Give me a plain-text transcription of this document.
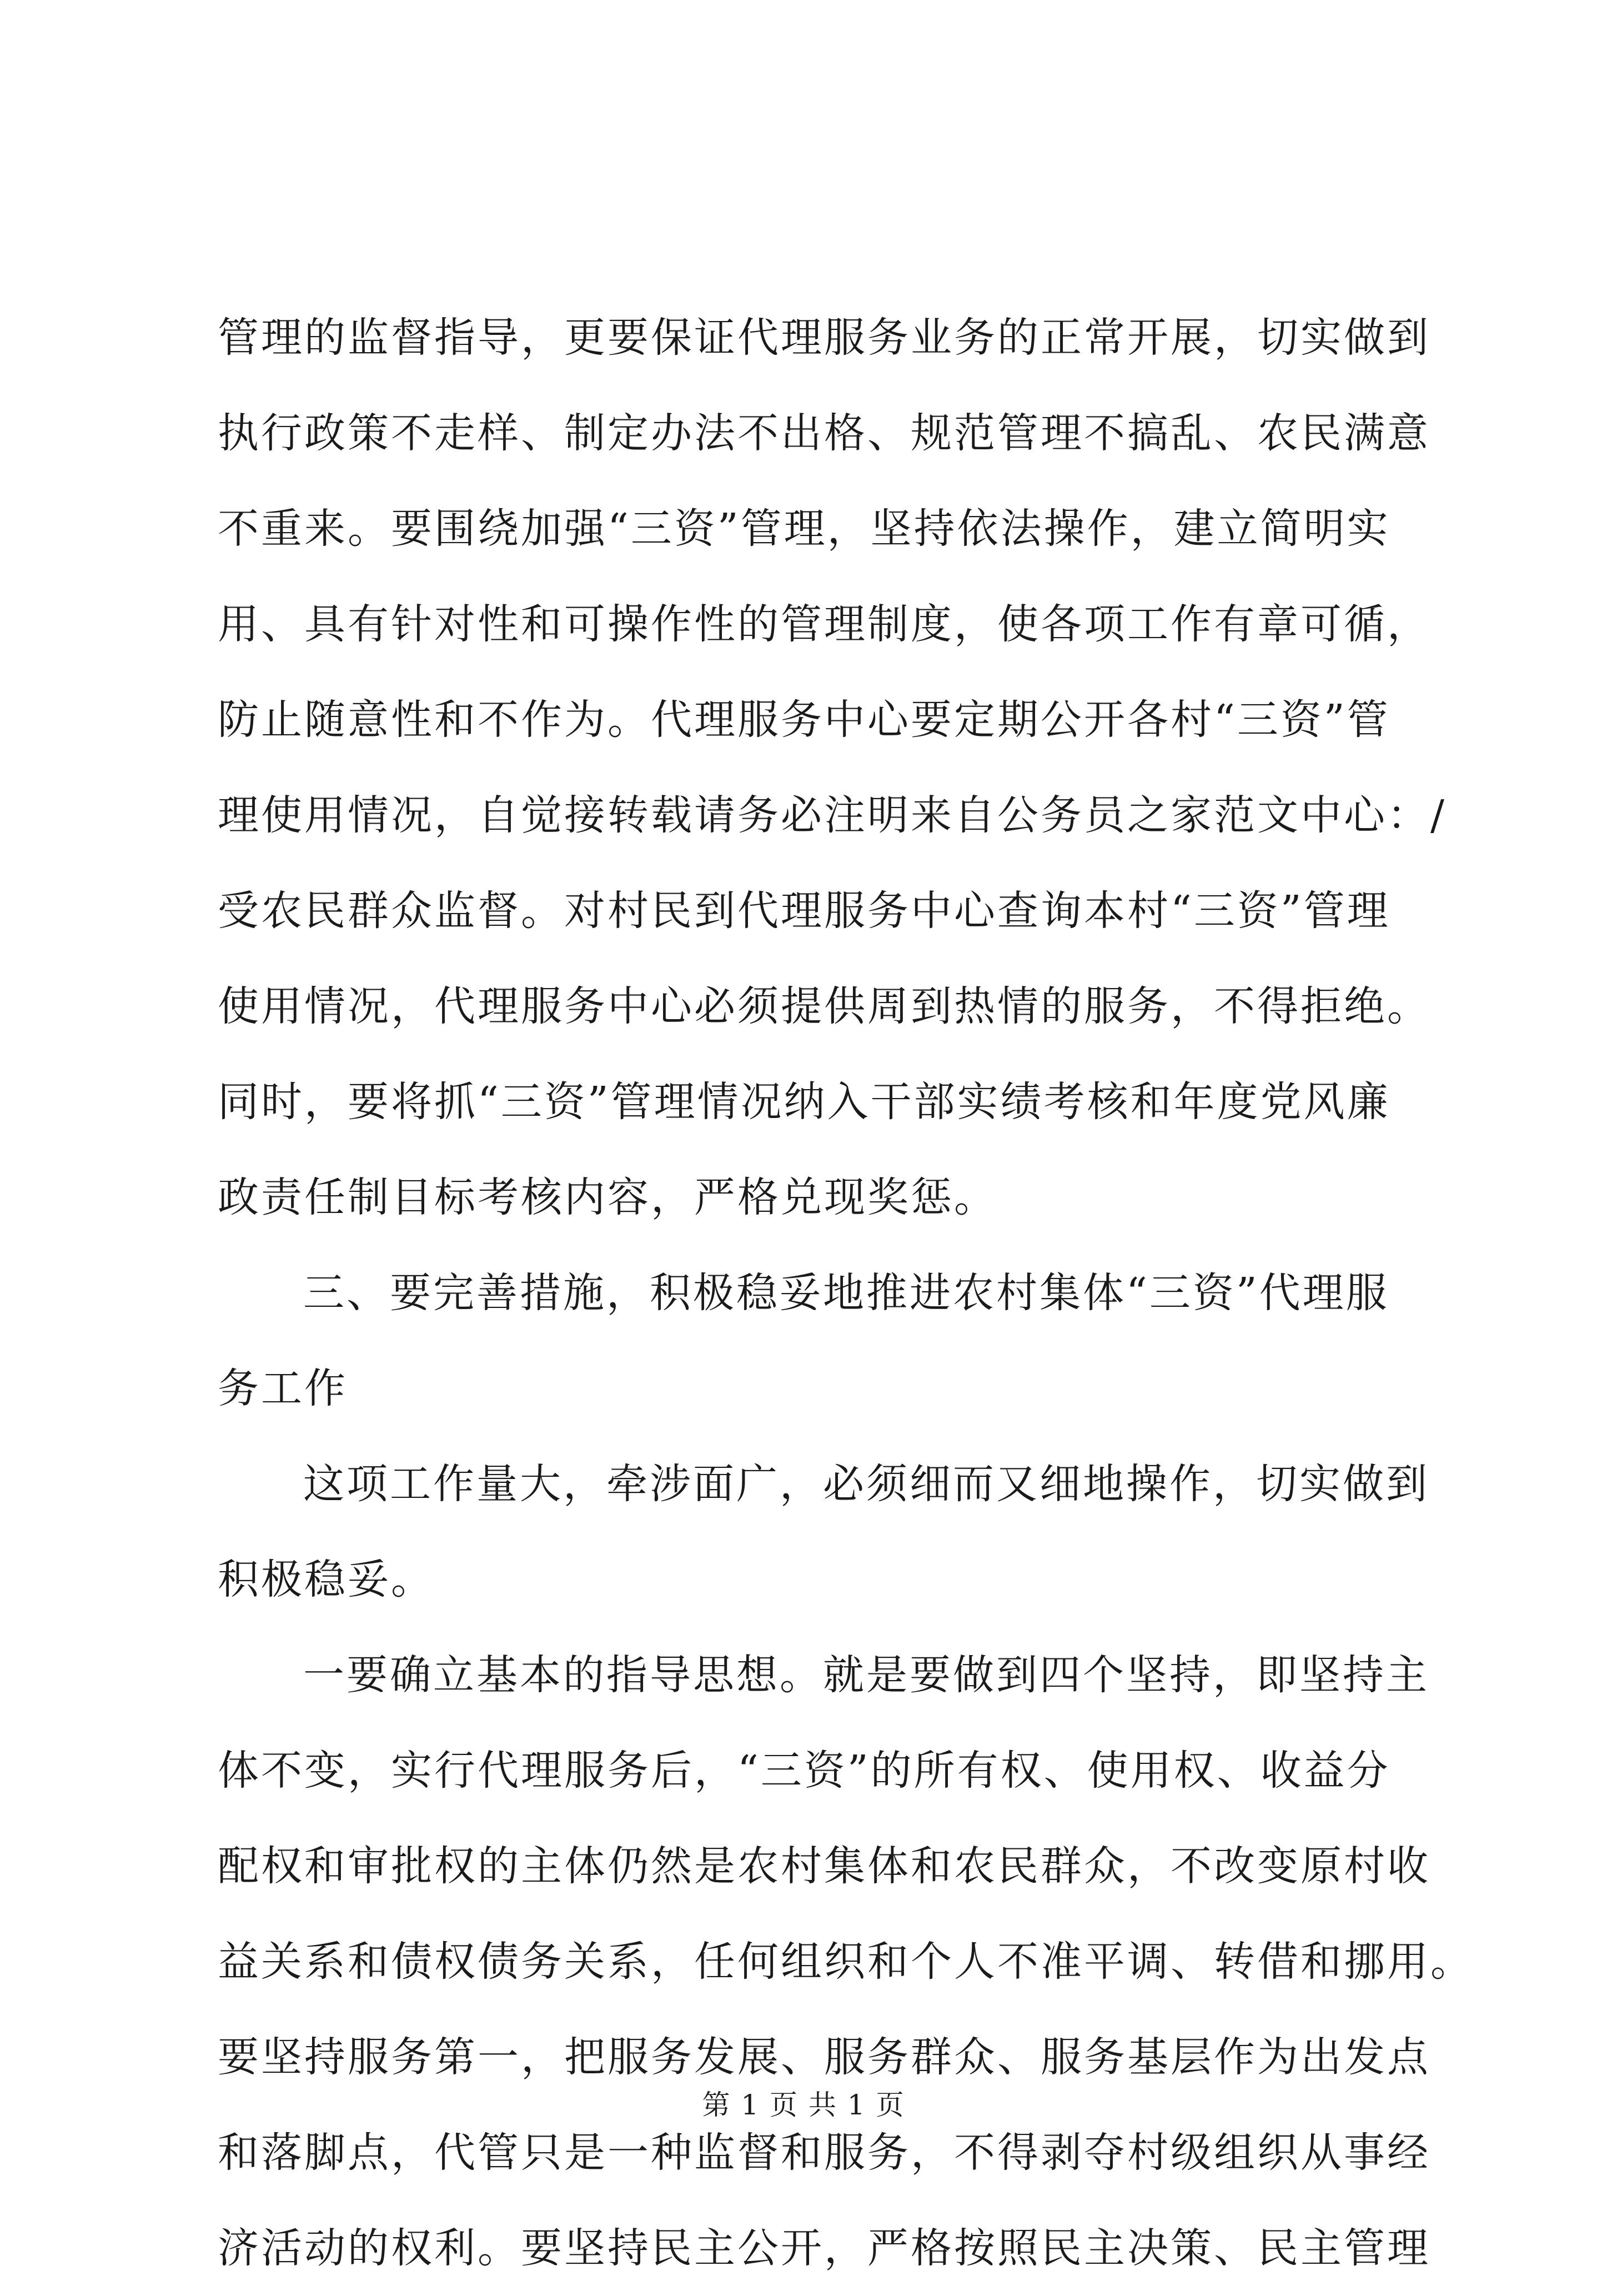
管理的监督指导，更要保证代理服务业务的正常开展，切实做到
执行政策不走样、制定办法不出格、规范管理不搞乱、农民满意
不重来。要围绕加强“三资”管理，坚持依法操作，建立简明实
用、具有针对性和可操作性的管理制度，使各项工作有章可循，
防止随意性和不作为。代理服务中心要定期公开各村“三资”管
理使用情况，自觉接转载请务必注明来自公务员之家范文中心：/
受农民群众监督。对村民到代理服务中心查询本村“三资”管理
使用情况，代理服务中心必须提供周到热情的服务，不得拒绝。
同时，要将抓“三资”管理情况纳入干部实绩考核和年度党风廉
政责任制目标考核内容，严格兑现奖惩。
三、要完善措施，积极稳妥地推进农村集体“三资”代理服
务工作
这项工作量大，牵涉面广，必须细而又细地操作，切实做到
积极稳妥。
一要确立基本的指导思想。就是要做到四个坚持，即坚持主
体不变，实行代理服务后，“三资”的所有权、使用权、收益分
配权和审批权的主体仍然是农村集体和农民群众，不改变原村收
益关系和债权债务关系，任何组织和个人不准平调、转借和挪用。
要坚持服务第一，把服务发展、服务群众、服务基层作为出发点
和落脚点，代管只是一种监督和服务，不得剥夺村级组织从事经
济活动的权利。要坚持民主公开，严格按照民主决策、民主管理
第 1 页 共 1 页
